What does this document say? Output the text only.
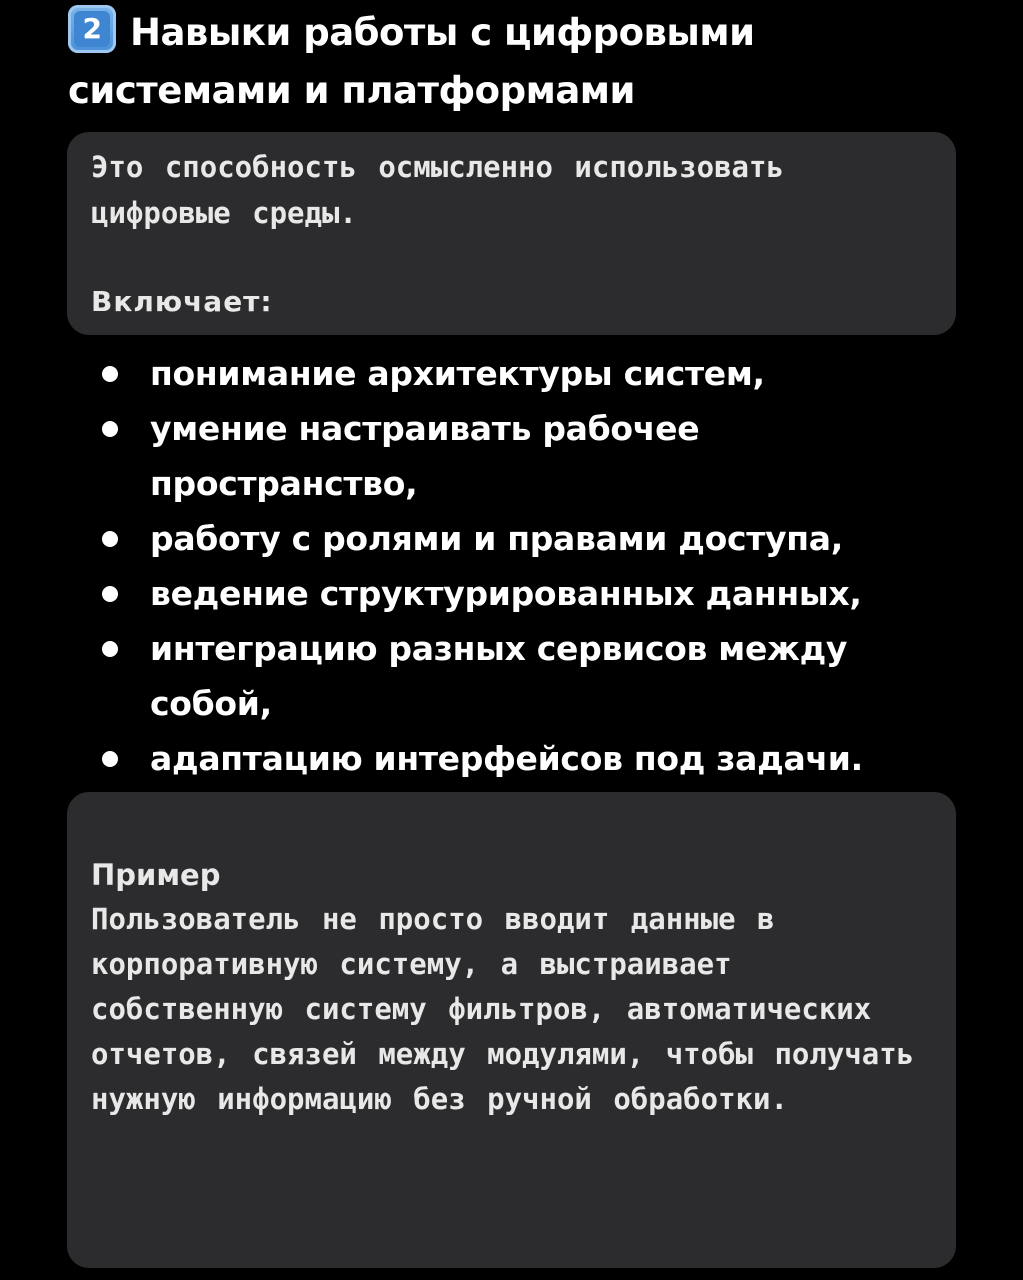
2 Навыки работы с цифровыми системами и платформами
Это способность осмысленно использовать цифровые среды.
Включает:
понимание архитектуры систем,
умение настраивать рабочее пространство,
работу с ролями и правами доступа,
ведение структурированных данных,
интеграцию разных сервисов между собой,
адаптацию интерфейсов под задачи.
Пример
Пользователь не просто вводит данные в корпоративную систему, а выстраивает собственную систему фильтров, автоматических отчетов, связей между модулями, чтобы получать нужную информацию без ручной обработки.
